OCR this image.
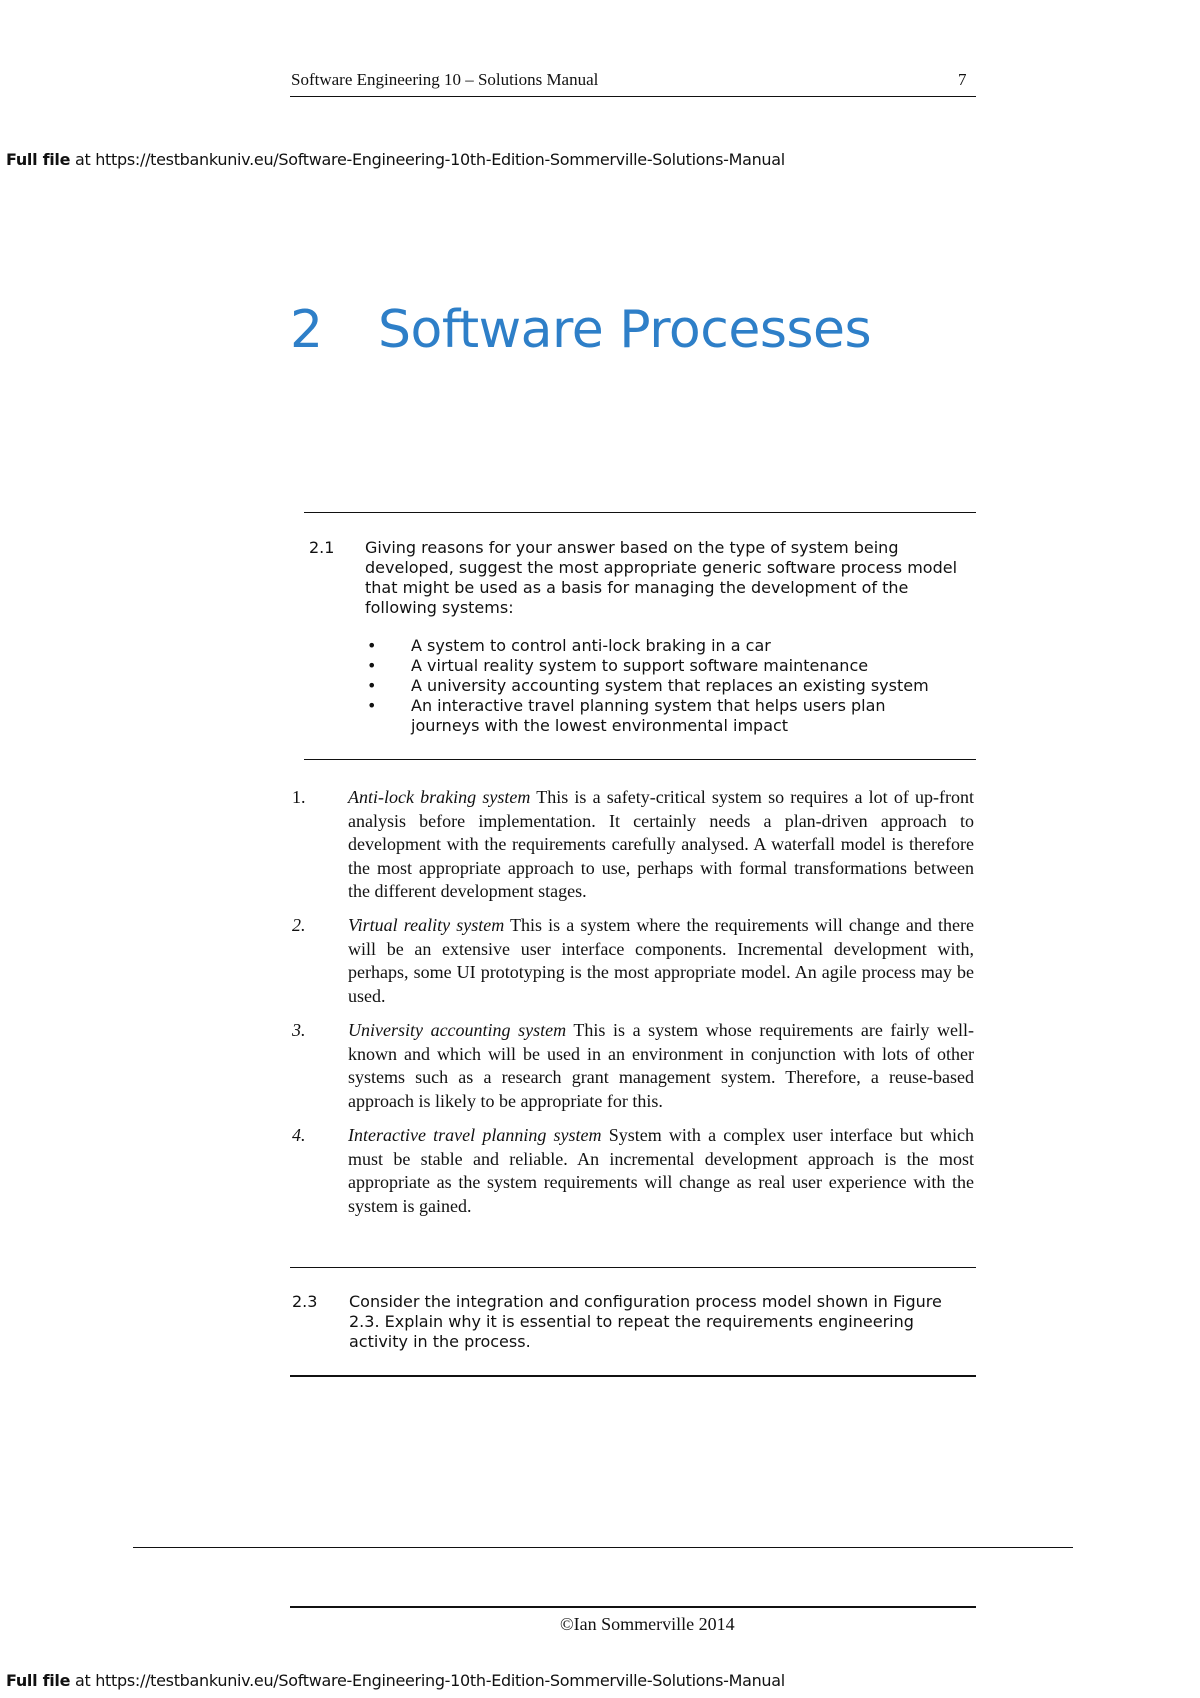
Software Engineering 10 – Solutions Manual	7
Full file at https://testbankuniv.eu/Software-Engineering-10th-Edition-Sommerville-Solutions-Manual
2 Software Processes
2.1	Giving reasons for your answer based on the type of system being developed, suggest the most appropriate generic software process model that might be used as a basis for managing the development of the following systems:
• A system to control anti-lock braking in a car
• A virtual reality system to support software maintenance
• A university accounting system that replaces an existing system
• An interactive travel planning system that helps users plan journeys with the lowest environmental impact
1.	Anti-lock braking system This is a safety-critical system so requires a lot of up-front analysis before implementation. It certainly needs a plan-driven approach to development with the requirements carefully analysed. A waterfall model is therefore the most appropriate approach to use, perhaps with formal transformations between the different development stages.
2.	Virtual reality system This is a system where the requirements will change and there will be an extensive user interface components. Incremental development with, perhaps, some UI prototyping is the most appropriate model. An agile process may be used.
3.	University accounting system This is a system whose requirements are fairly well-known and which will be used in an environment in conjunction with lots of other systems such as a research grant management system. Therefore, a reuse-based approach is likely to be appropriate for this.
4.	Interactive travel planning system System with a complex user interface but which must be stable and reliable. An incremental development approach is the most appropriate as the system requirements will change as real user experience with the system is gained.
2.3	Consider the integration and configuration process model shown in Figure 2.3. Explain why it is essential to repeat the requirements engineering activity in the process.
©Ian Sommerville 2014
Full file at https://testbankuniv.eu/Software-Engineering-10th-Edition-Sommerville-Solutions-Manual
